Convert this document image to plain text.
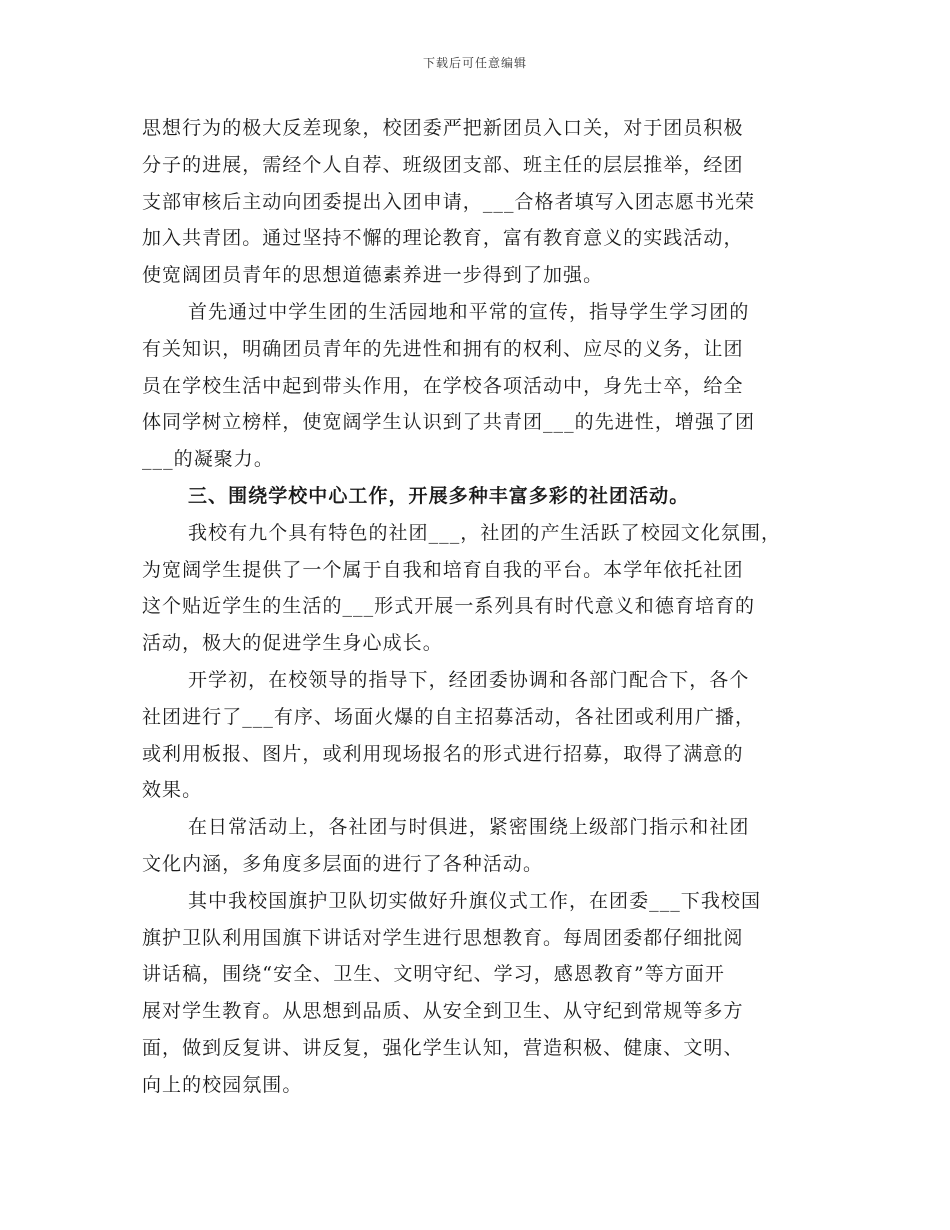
下载后可任意编辑
思想行为的极大反差现象，校团委严把新团员入口关，对于团员积极
分子的进展，需经个人自荐、班级团支部、班主任的层层推举，经团
支部审核后主动向团委提出入团申请，___合格者填写入团志愿书光荣
加入共青团。通过坚持不懈的理论教育，富有教育意义的实践活动，
使宽阔团员青年的思想道德素养进一步得到了加强。
首先通过中学生团的生活园地和平常的宣传，指导学生学习团的
有关知识，明确团员青年的先进性和拥有的权利、应尽的义务，让团
员在学校生活中起到带头作用，在学校各项活动中，身先士卒，给全
体同学树立榜样，使宽阔学生认识到了共青团___的先进性，增强了团
___的凝聚力。
三、围绕学校中心工作，开展多种丰富多彩的社团活动。
我校有九个具有特色的社团___，社团的产生活跃了校园文化氛围，
为宽阔学生提供了一个属于自我和培育自我的平台。本学年依托社团
这个贴近学生的生活的___形式开展一系列具有时代意义和德育培育的
活动，极大的促进学生身心成长。
开学初，在校领导的指导下，经团委协调和各部门配合下，各个
社团进行了___有序、场面火爆的自主招募活动，各社团或利用广播，
或利用板报、图片，或利用现场报名的形式进行招募，取得了满意的
效果。
在日常活动上，各社团与时俱进，紧密围绕上级部门指示和社团
文化内涵，多角度多层面的进行了各种活动。
其中我校国旗护卫队切实做好升旗仪式工作，在团委___下我校国
旗护卫队利用国旗下讲话对学生进行思想教育。每周团委都仔细批阅
讲话稿，围绕“安全、卫生、文明守纪、学习，感恩教育”等方面开
展对学生教育。从思想到品质、从安全到卫生、从守纪到常规等多方
面，做到反复讲、讲反复，强化学生认知，营造积极、健康、文明、
向上的校园氛围。
